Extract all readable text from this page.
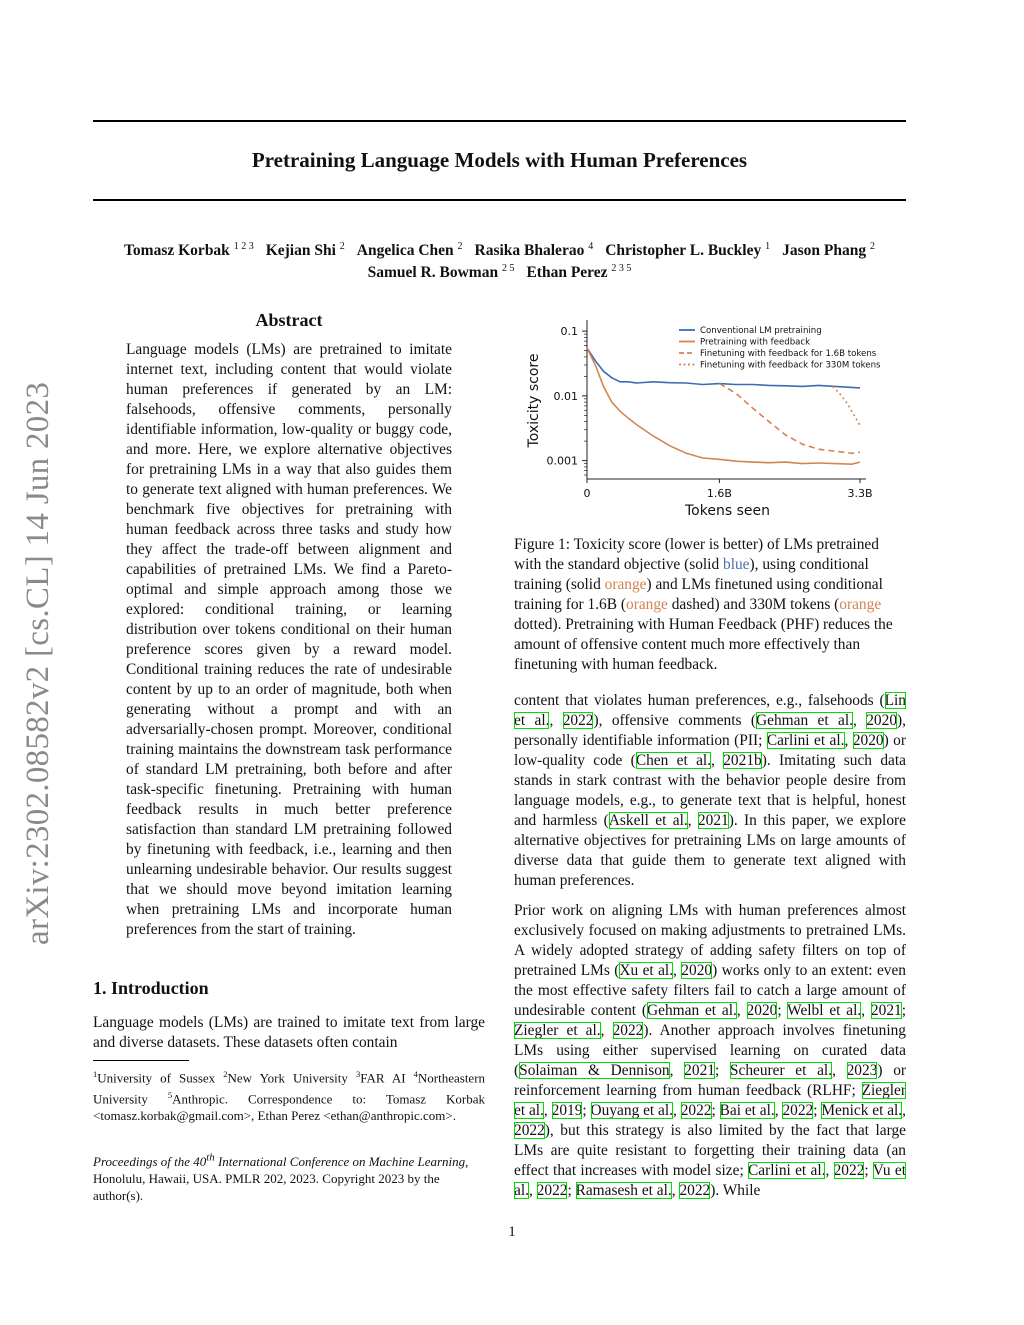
Pretraining Language Models with Human Preferences
Tomasz Korbak $^{1 2 3}$ Kejian Shi $^2$ Angelica Chen $^2$ Rasika Bhalerao $^4$ Christopher L. Buckley $^1$ Jason Phang $^2$
Samuel R. Bowman $^{2 5}$ Ethan Perez $^{2 3 5}$
arXiv:2302.08582v2 [cs.CL] 14 Jun 2023
Abstract
Language models (LMs) are pretrained to imitate internet text, including content that would violate human preferences if generated by an LM: falsehoods, offensive comments, personally identifiable information, low-quality or buggy code, and more. Here, we explore alternative objectives for pretraining LMs in a way that also guides them to generate text aligned with human preferences. We benchmark five objectives for pretraining with human feedback across three tasks and study how they affect the trade-off between alignment and capabilities of pretrained LMs. We find a Pareto-optimal and simple approach among those we explored: conditional training, or learning distribution over tokens conditional on their human preference scores given by a reward model. Conditional training reduces the rate of undesirable content by up to an order of magnitude, both when generating without a prompt and with an adversarially-chosen prompt. Moreover, conditional training maintains the downstream task performance of standard LM pretraining, both before and after task-specific finetuning. Pretraining with human feedback results in much better preference satisfaction than standard LM pretraining followed by finetuning with feedback, i.e., learning and then unlearning undesirable behavior. Our results suggest that we should move beyond imitation learning when pretraining LMs and incorporate human preferences from the start of training.
1. Introduction
Language models (LMs) are trained to imitate text from large and diverse datasets. These datasets often contain
$^1$University of Sussex $^2$New York University $^3$FAR AI $^4$Northeastern University $^5$Anthropic. Correspondence to: Tomasz Korbak <tomasz.korbak@gmail.com>, Ethan Perez <ethan@anthropic.com>.
Proceedings of the 40th International Conference on Machine Learning, Honolulu, Hawaii, USA. PMLR 202, 2023. Copyright 2023 by the author(s).
0.1
0.01
0.001
0	1.6B	3.3B
Tokens seen
Toxicity score
Conventional LM pretraining
Pretraining with feedback
Finetuning with feedback for 1.6B tokens
Finetuning with feedback for 330M tokens
Figure 1: Toxicity score (lower is better) of LMs pretrained with the standard objective (solid blue), using conditional training (solid orange) and LMs finetuned using conditional training for 1.6B (orange dashed) and 330M tokens (orange dotted). Pretraining with Human Feedback (PHF) reduces the amount of offensive content much more effectively than finetuning with human feedback.
content that violates human preferences, e.g., falsehoods (Lin et al., 2022), offensive comments (Gehman et al., 2020), personally identifiable information (PII; Carlini et al., 2020) or low-quality code (Chen et al., 2021b). Imitating such data stands in stark contrast with the behavior people desire from language models, e.g., to generate text that is helpful, honest and harmless (Askell et al., 2021). In this paper, we explore alternative objectives for pretraining LMs on large amounts of diverse data that guide them to generate text aligned with human preferences.
Prior work on aligning LMs with human preferences almost exclusively focused on making adjustments to pretrained LMs. A widely adopted strategy of adding safety filters on top of pretrained LMs (Xu et al., 2020) works only to an extent: even the most effective safety filters fail to catch a large amount of undesirable content (Gehman et al., 2020; Welbl et al., 2021; Ziegler et al., 2022). Another approach involves finetuning LMs using either supervised learning on curated data (Solaiman & Dennison, 2021; Scheurer et al., 2023) or reinforcement learning from human feedback (RLHF; Ziegler et al., 2019; Ouyang et al., 2022; Bai et al., 2022; Menick et al., 2022), but this strategy is also limited by the fact that large LMs are quite resistant to forgetting their training data (an effect that increases with model size; Carlini et al., 2022; Vu et al., 2022; Ramasesh et al., 2022). While
1
